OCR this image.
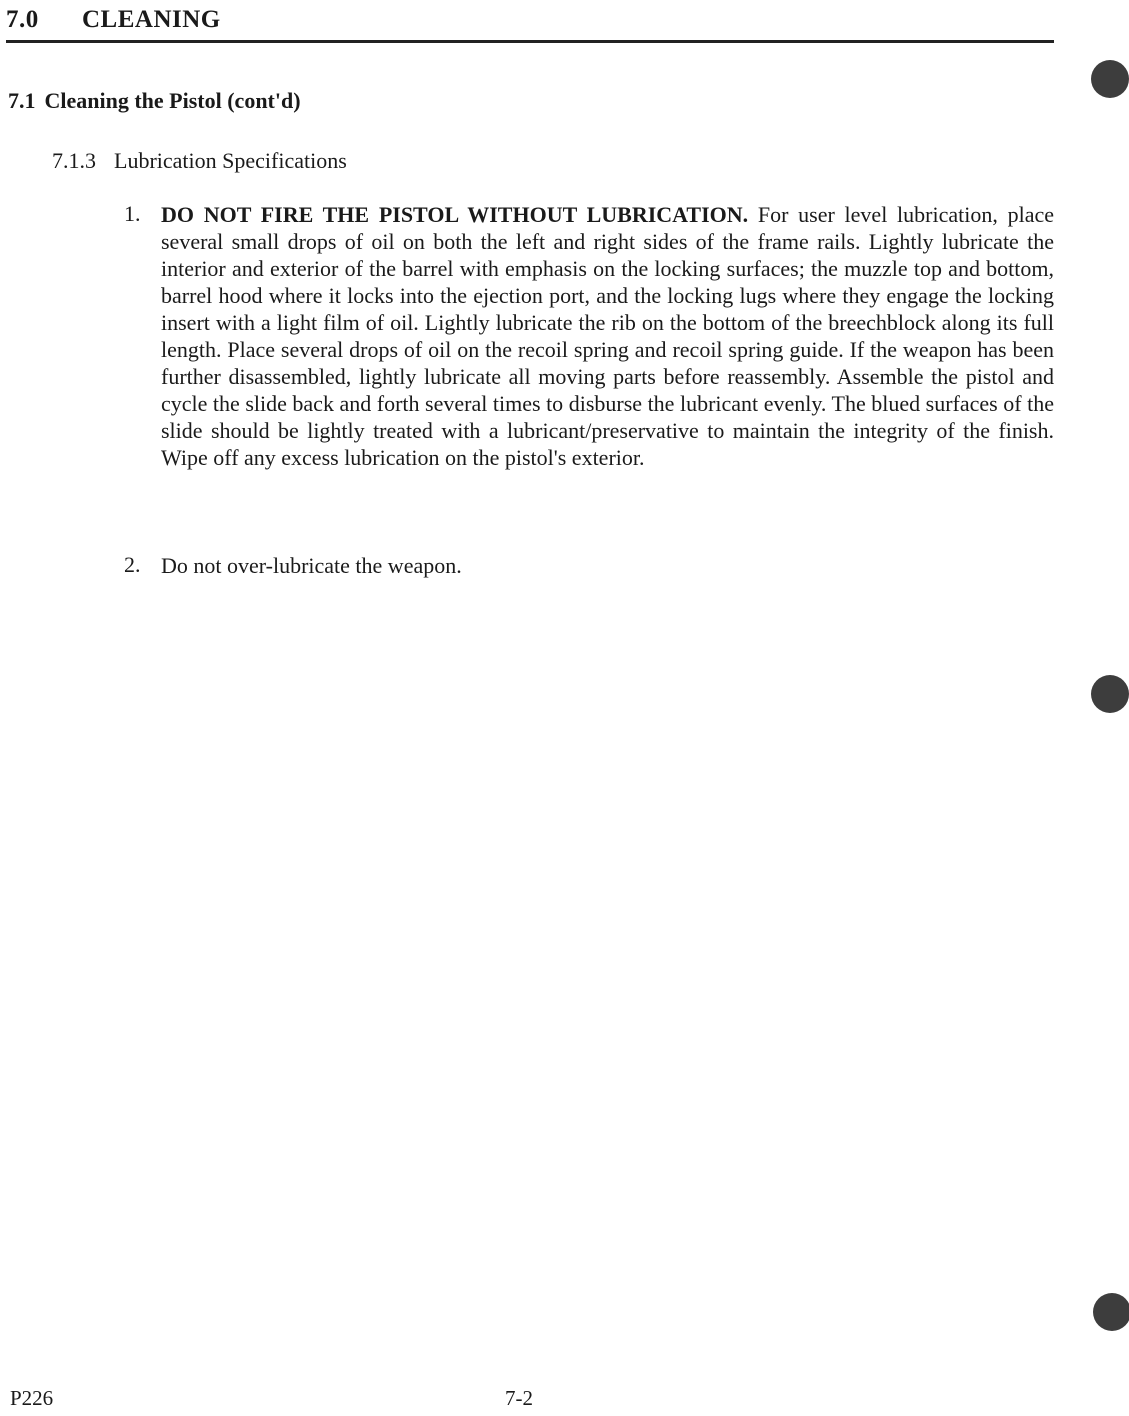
7.0 CLEANING
7.1 Cleaning the Pistol (cont'd)
7.1.3 Lubrication Specifications
1. DO NOT FIRE THE PISTOL WITHOUT LUBRICATION. For user level lubrication, place several small drops of oil on both the left and right sides of the frame rails. Lightly lubricate the interior and exterior of the barrel with emphasis on the locking surfaces; the muzzle top and bottom, barrel hood where it locks into the ejection port, and the locking lugs where they engage the locking insert with a light film of oil. Lightly lubricate the rib on the bottom of the breechblock along its full length. Place several drops of oil on the recoil spring and recoil spring guide. If the weapon has been further disassembled, lightly lubricate all moving parts before reassembly. Assemble the pistol and cycle the slide back and forth several times to disburse the lubricant evenly. The blued surfaces of the slide should be lightly treated with a lubricant/preservative to maintain the integrity of the finish. Wipe off any excess lubrication on the pistol's exterior.
2. Do not over-lubricate the weapon.
P226	7-2
